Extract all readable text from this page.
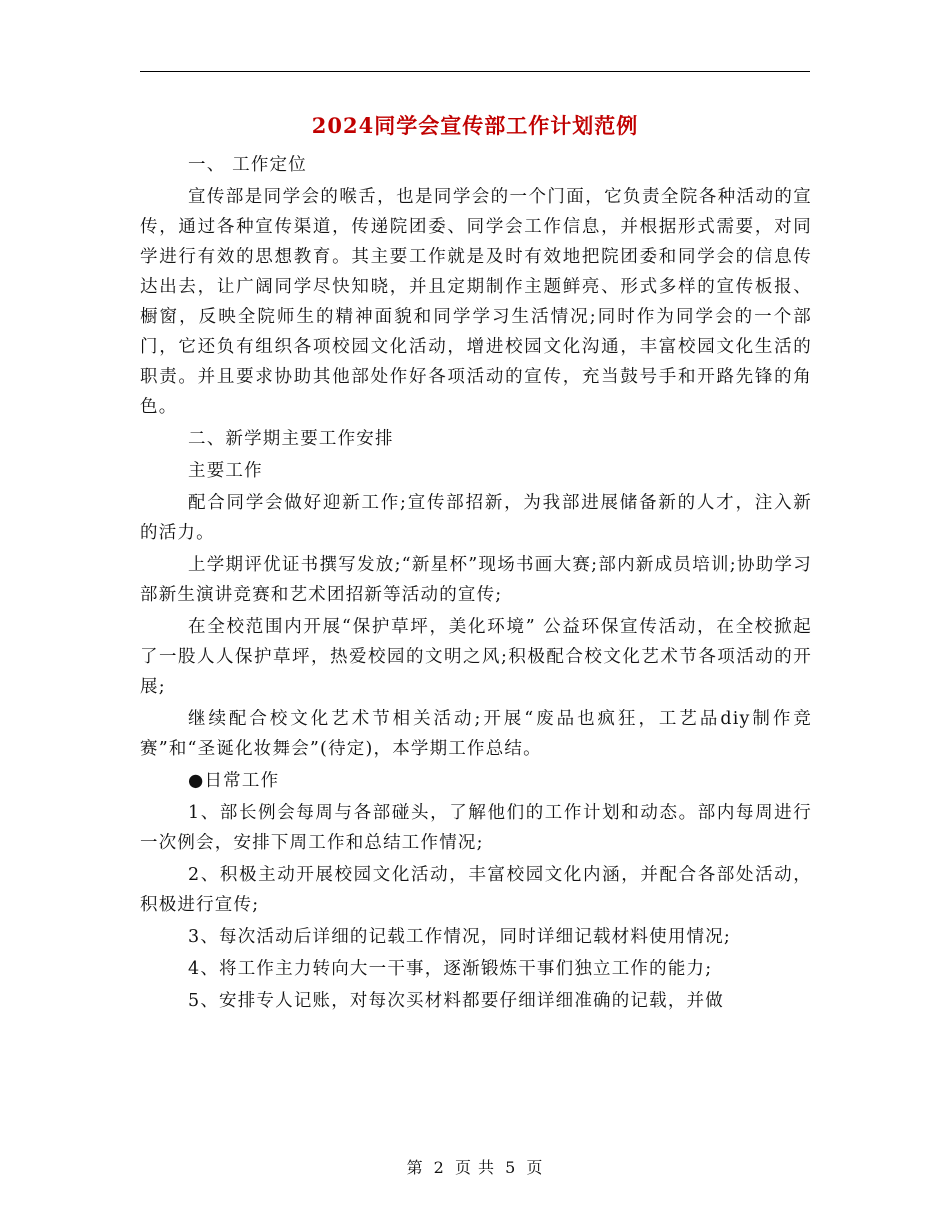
2024同学会宣传部工作计划范例

一、 工作定位

宣传部是同学会的喉舌，也是同学会的一个门面，它负责全院各种活动的宣传，通过各种宣传渠道，传递院团委、同学会工作信息，并根据形式需要，对同学进行有效的思想教育。其主要工作就是及时有效地把院团委和同学会的信息传达出去，让广阔同学尽快知晓，并且定期制作主题鲜亮、形式多样的宣传板报、橱窗，反映全院师生的精神面貌和同学学习生活情况;同时作为同学会的一个部门，它还负有组织各项校园文化活动，增进校园文化沟通，丰富校园文化生活的职责。并且要求协助其他部处作好各项活动的宣传，充当鼓号手和开路先锋的角色。

二、新学期主要工作安排

主要工作

配合同学会做好迎新工作;宣传部招新，为我部进展储备新的人才，注入新的活力。

上学期评优证书撰写发放;“新星杯”现场书画大赛;部内新成员培训;协助学习部新生演讲竞赛和艺术团招新等活动的宣传;

在全校范围内开展“保护草坪，美化环境” 公益环保宣传活动，在全校掀起了一股人人保护草坪，热爱校园的文明之风;积极配合校文化艺术节各项活动的开展;

继续配合校文化艺术节相关活动;开展“废品也疯狂，工艺品diy制作竞赛”和“圣诞化妆舞会”(待定)，本学期工作总结。

●日常工作

1、部长例会每周与各部碰头，了解他们的工作计划和动态。部内每周进行一次例会，安排下周工作和总结工作情况;

2、积极主动开展校园文化活动，丰富校园文化内涵，并配合各部处活动，积极进行宣传;

3、每次活动后详细的记载工作情况，同时详细记载材料使用情况;

4、将工作主力转向大一干事，逐渐锻炼干事们独立工作的能力;

5、安排专人记账，对每次买材料都要仔细详细准确的记载，并做

第 2 页 共 5 页
